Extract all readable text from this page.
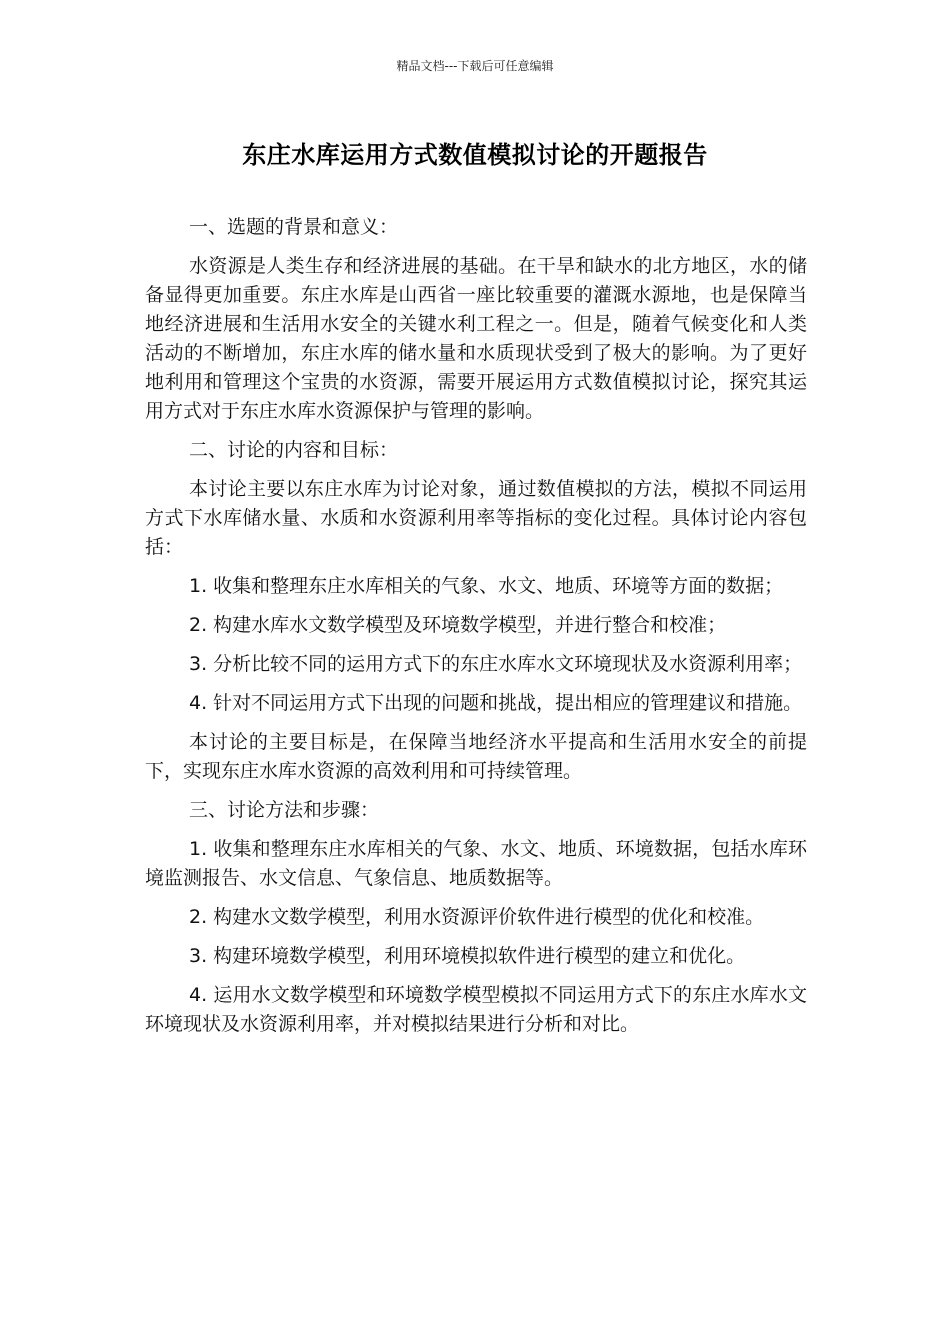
精品文档---下载后可任意编辑
东庄水库运用方式数值模拟讨论的开题报告

一、选题的背景和意义：

水资源是人类生存和经济进展的基础。在干旱和缺水的北方地区，水的储备显得更加重要。东庄水库是山西省一座比较重要的灌溉水源地，也是保障当地经济进展和生活用水安全的关键水利工程之一。但是，随着气候变化和人类活动的不断增加，东庄水库的储水量和水质现状受到了极大的影响。为了更好地利用和管理这个宝贵的水资源，需要开展运用方式数值模拟讨论，探究其运用方式对于东庄水库水资源保护与管理的影响。

二、讨论的内容和目标：

本讨论主要以东庄水库为讨论对象，通过数值模拟的方法，模拟不同运用方式下水库储水量、水质和水资源利用率等指标的变化过程。具体讨论内容包括：

1. 收集和整理东庄水库相关的气象、水文、地质、环境等方面的数据；

2. 构建水库水文数学模型及环境数学模型，并进行整合和校准；

3. 分析比较不同的运用方式下的东庄水库水文环境现状及水资源利用率；

4. 针对不同运用方式下出现的问题和挑战，提出相应的管理建议和措施。

本讨论的主要目标是，在保障当地经济水平提高和生活用水安全的前提下，实现东庄水库水资源的高效利用和可持续管理。

三、讨论方法和步骤：

1. 收集和整理东庄水库相关的气象、水文、地质、环境数据，包括水库环境监测报告、水文信息、气象信息、地质数据等。

2. 构建水文数学模型，利用水资源评价软件进行模型的优化和校准。

3. 构建环境数学模型，利用环境模拟软件进行模型的建立和优化。

4. 运用水文数学模型和环境数学模型模拟不同运用方式下的东庄水库水文环境现状及水资源利用率，并对模拟结果进行分析和对比。
